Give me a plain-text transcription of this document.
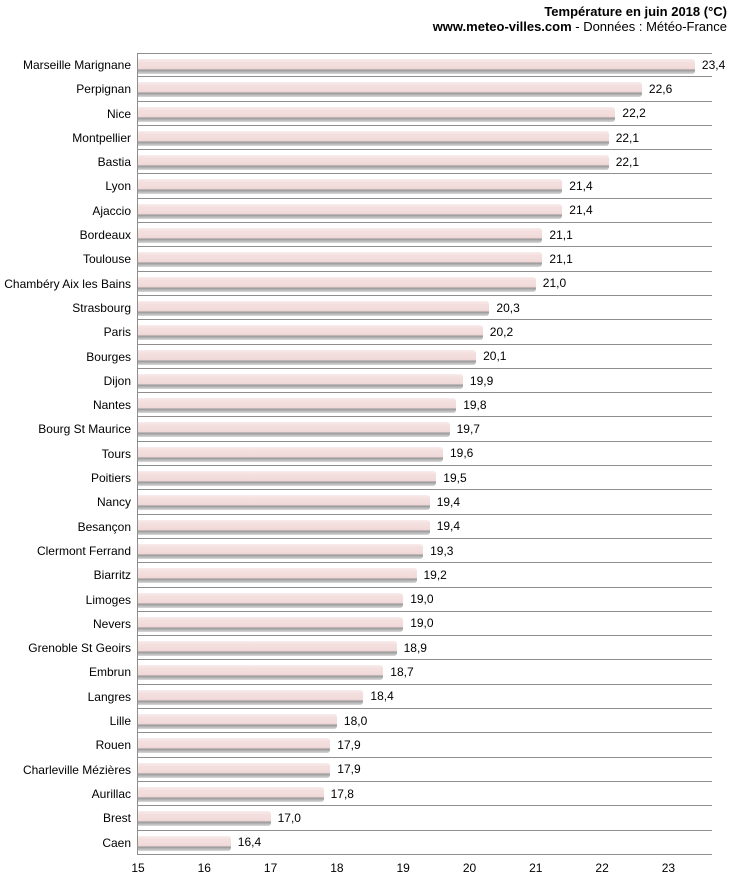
Température en juin 2018 (°C)
www.meteo-villes.com - Données : Météo-France
Marseille Marignane	23,4
Perpignan	22,6
Nice	22,2
Montpellier	22,1
Bastia	22,1
Lyon	21,4
Ajaccio	21,4
Bordeaux	21,1
Toulouse	21,1
Chambéry Aix les Bains	21,0
Strasbourg	20,3
Paris	20,2
Bourges	20,1
Dijon	19,9
Nantes	19,8
Bourg St Maurice	19,7
Tours	19,6
Poitiers	19,5
Nancy	19,4
Besançon	19,4
Clermont Ferrand	19,3
Biarritz	19,2
Limoges	19,0
Nevers	19,0
Grenoble St Geoirs	18,9
Embrun	18,7
Langres	18,4
Lille	18,0
Rouen	17,9
Charleville Mézières	17,9
Aurillac	17,8
Brest	17,0
Caen	16,4
15	16	17	18	19	20	21	22	23
